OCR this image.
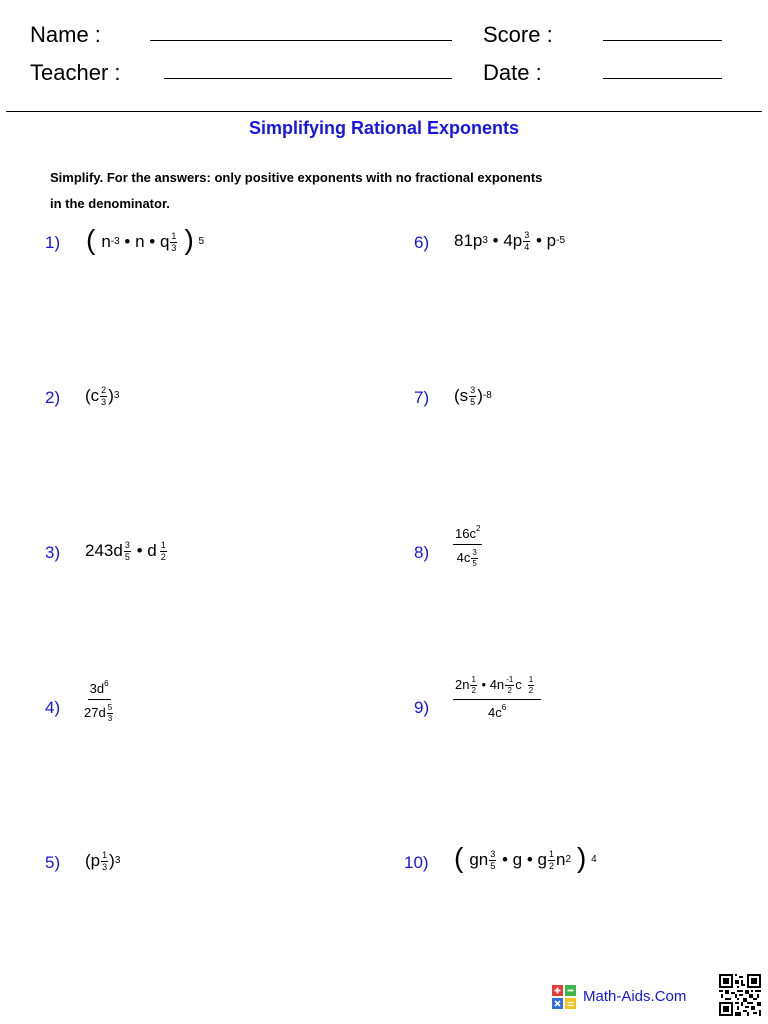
Name :	Score :
Teacher :	Date :
Simplifying Rational Exponents
Simplify. For the answers: only positive exponents with no fractional exponents
in the denominator.
1) ( n -3 • n • q 1
3 )
5
2) (c 2
3 ) 3
3) 243d 3
5 • d 1
2
4)
$3d^6$
$27d \frac{5}{3}$
5) (p 1
3 ) 3
6) 81p 3 • 4p 3
4 • p -5
7) (s 3
5 ) -8
8)
$16c^2$
$4c \frac{3}{5}$
9)
$2n \frac{1}{2}$ • $4n \frac{-1}{2}$ c $\frac{1}{2}$
$4c^6$
10) ( gn 3
5 • g • g 1
2 n 2 )
4
Math-Aids.Com
